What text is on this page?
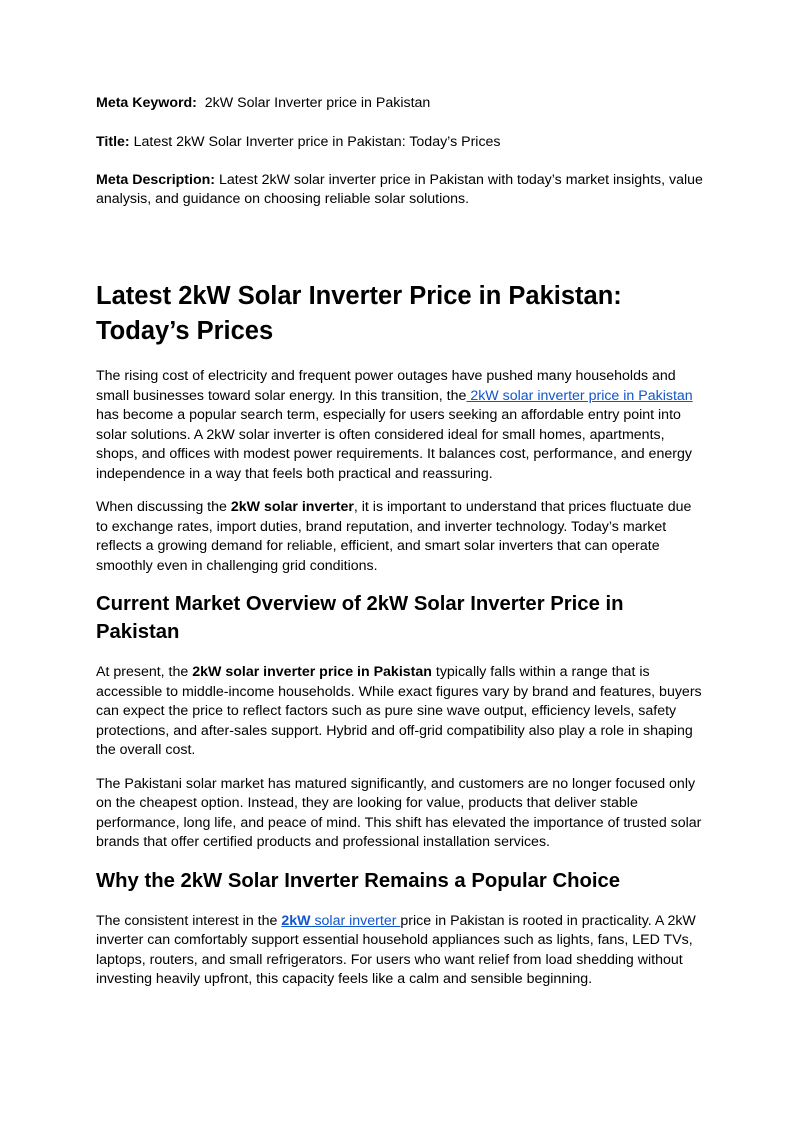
Meta Keyword: 2kW Solar Inverter price in Pakistan

Title: Latest 2kW Solar Inverter price in Pakistan: Today’s Prices

Meta Description: Latest 2kW solar inverter price in Pakistan with today’s market insights, value analysis, and guidance on choosing reliable solar solutions.

Latest 2kW Solar Inverter Price in Pakistan:
Today’s Prices

The rising cost of electricity and frequent power outages have pushed many households and small businesses toward solar energy. In this transition, the 2kW solar inverter price in Pakistan has become a popular search term, especially for users seeking an affordable entry point into solar solutions. A 2kW solar inverter is often considered ideal for small homes, apartments, shops, and offices with modest power requirements. It balances cost, performance, and energy independence in a way that feels both practical and reassuring.

When discussing the 2kW solar inverter, it is important to understand that prices fluctuate due to exchange rates, import duties, brand reputation, and inverter technology. Today’s market reflects a growing demand for reliable, efficient, and smart solar inverters that can operate smoothly even in challenging grid conditions.

Current Market Overview of 2kW Solar Inverter Price in
Pakistan

At present, the 2kW solar inverter price in Pakistan typically falls within a range that is accessible to middle-income households. While exact figures vary by brand and features, buyers can expect the price to reflect factors such as pure sine wave output, efficiency levels, safety protections, and after-sales support. Hybrid and off-grid compatibility also play a role in shaping the overall cost.

The Pakistani solar market has matured significantly, and customers are no longer focused only on the cheapest option. Instead, they are looking for value, products that deliver stable performance, long life, and peace of mind. This shift has elevated the importance of trusted solar brands that offer certified products and professional installation services.

Why the 2kW Solar Inverter Remains a Popular Choice

The consistent interest in the 2kW solar inverter price in Pakistan is rooted in practicality. A 2kW inverter can comfortably support essential household appliances such as lights, fans, LED TVs, laptops, routers, and small refrigerators. For users who want relief from load shedding without investing heavily upfront, this capacity feels like a calm and sensible beginning.
